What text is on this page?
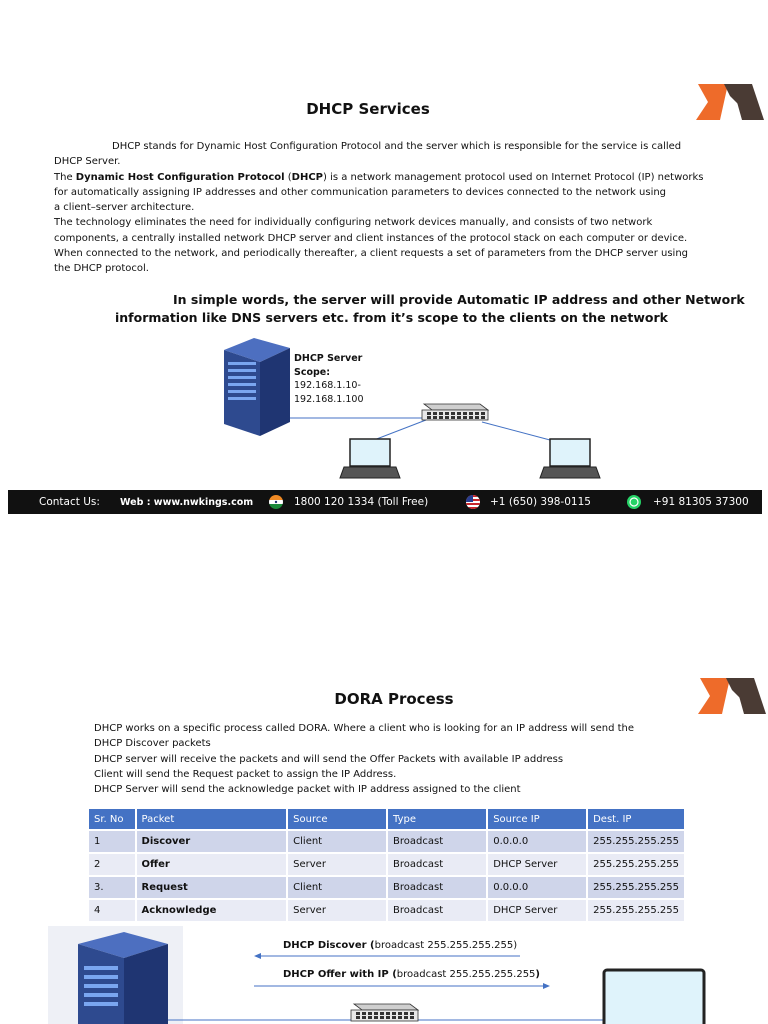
DHCP Services
DHCP stands for Dynamic Host Configuration Protocol and the server which is responsible for the service is called
DHCP Server.
The Dynamic Host Configuration Protocol (DHCP) is a network management protocol used on Internet Protocol (IP) networks
for automatically assigning IP addresses and other communication parameters to devices connected to the network using
a client–server architecture.
The technology eliminates the need for individually configuring network devices manually, and consists of two network
components, a centrally installed network DHCP server and client instances of the protocol stack on each computer or device.
When connected to the network, and periodically thereafter, a client requests a set of parameters from the DHCP server using
the DHCP protocol.
In simple words, the server will provide Automatic IP address and other Network
information like DNS servers etc. from it’s scope to the clients on the network
DHCP Server
Scope:
192.168.1.10-
192.168.1.100
Contact Us: Web : www.nwkings.com	1800 120 1334 (Toll Free)	+1 (650) 398-0115	+91 81305 37300
DORA Process
DHCP works on a specific process called DORA. Where a client who is looking for an IP address will send the
DHCP Discover packets
DHCP server will receive the packets and will send the Offer Packets with available IP address
Client will send the Request packet to assign the IP Address.
DHCP Server will send the acknowledge packet with IP address assigned to the client
Sr. No	Packet	Source	Type	Source IP	Dest. IP
1	Discover	Client	Broadcast	0.0.0.0	255.255.255.255
2	Offer	Server	Broadcast	DHCP Server	255.255.255.255
3.	Request	Client	Broadcast	0.0.0.0	255.255.255.255
4	Acknowledge	Server	Broadcast	DHCP Server	255.255.255.255
DHCP Discover (broadcast 255.255.255.255)
DHCP Offer with IP (broadcast 255.255.255.255)
